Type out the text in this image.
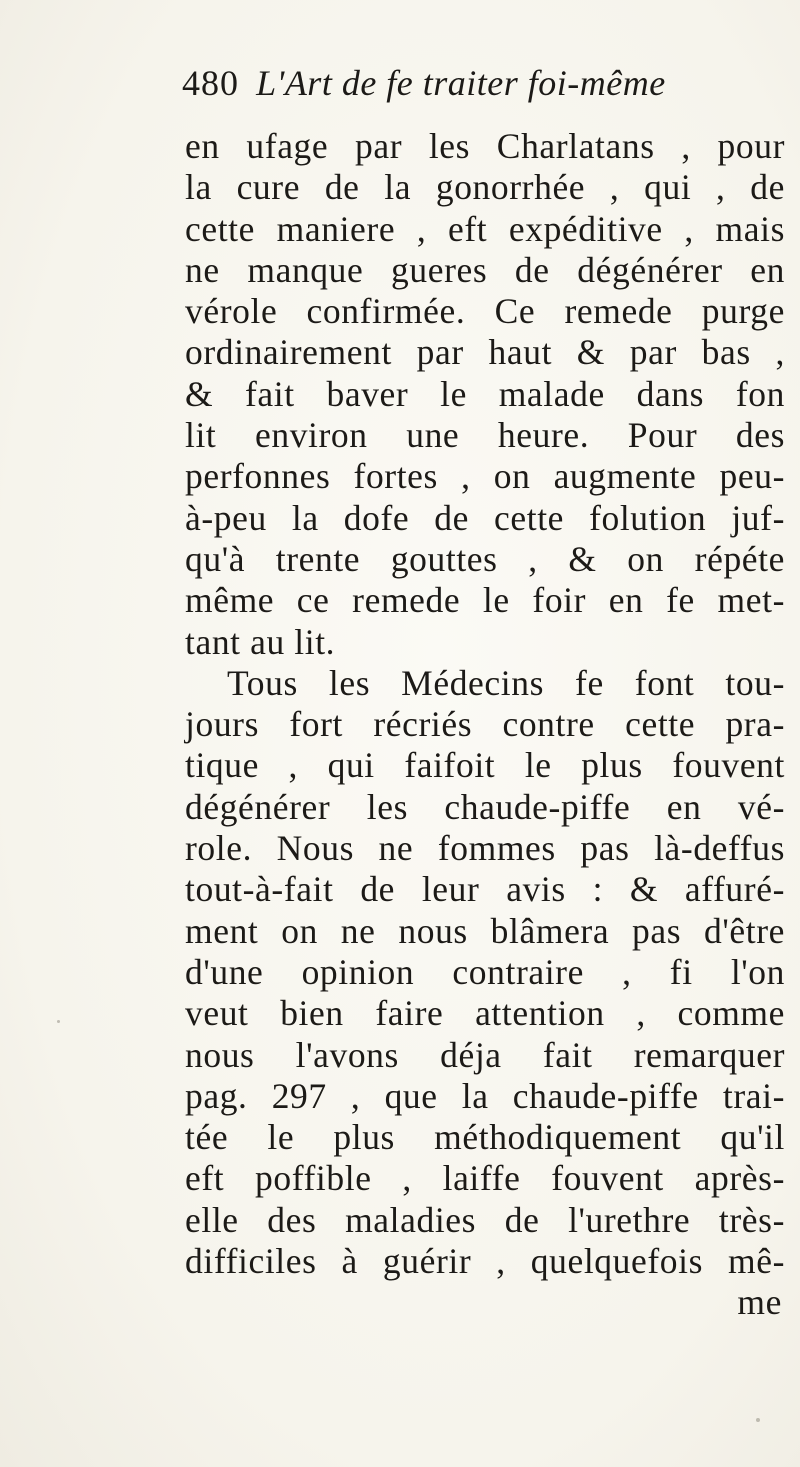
480 L'Art de fe traiter foi-même
en ufage par les Charlatans , pour
la cure de la gonorrhée , qui , de
cette maniere , eft expéditive , mais
ne manque gueres de dégénérer en
vérole confirmée. Ce remede purge
ordinairement par haut & par bas ,
& fait baver le malade dans fon
lit environ une heure. Pour des
perfonnes fortes , on augmente peu-
à-peu la dofe de cette folution juf-
qu'à trente gouttes , & on répéte
même ce remede le foir en fe met-
tant au lit.
Tous les Médecins fe font tou-
jours fort récriés contre cette pra-
tique , qui faifoit le plus fouvent
dégénérer les chaude-piffe en vé-
role. Nous ne fommes pas là-deffus
tout-à-fait de leur avis : & affuré-
ment on ne nous blâmera pas d'être
d'une opinion contraire , fi l'on
veut bien faire attention , comme
nous l'avons déja fait remarquer
pag. 297 , que la chaude-piffe trai-
tée le plus méthodiquement qu'il
eft poffible , laiffe fouvent après-
elle des maladies de l'urethre très-
difficiles à guérir , quelquefois mê-
me
